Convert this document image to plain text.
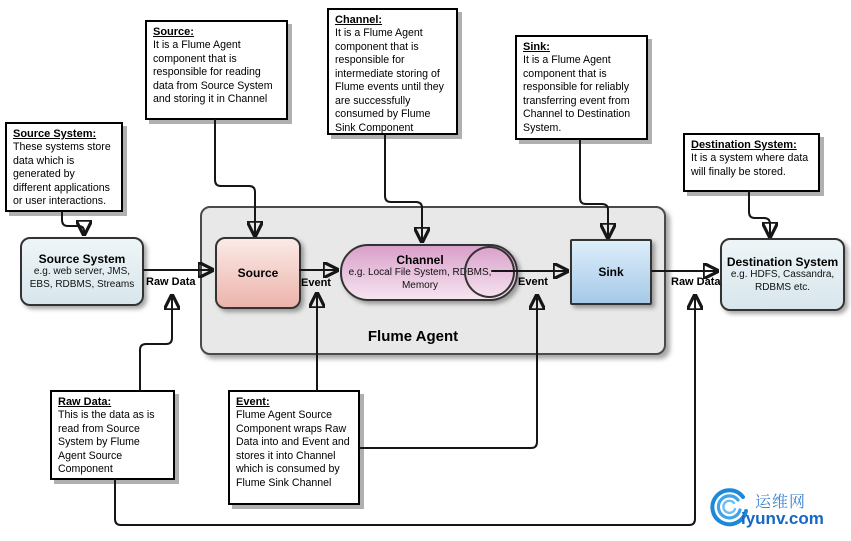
Flume Agent
Source System
e.g. web server, JMS, EBS, RDBMS, Streams
Source
Channel
e.g. Local File System, RDBMS, Memory
Sink
Destination System
e.g. HDFS, Cassandra, RDBMS etc.
Source System:
These systems store data which is generated by different applications or user interactions.
Source:
It is a Flume Agent component that is responsible for reading data from Source System and storing it in Channel
Channel:
It is a Flume Agent component that is responsible for intermediate storing of Flume events until they are successfully consumed by Flume Sink Component
Sink:
It is a Flume Agent component that is responsible for reliably transferring event from Channel to Destination System.
Destination System:
It is a system where data will finally be stored.
Raw Data:
This is the data as is read from Source System by Flume Agent Source Component
Event:
Flume Agent Source Component wraps Raw Data into and Event and stores it into Channel which is consumed by Flume Sink Channel
Raw Data	Event	Event	Raw Data
运维网
iyunv.com
